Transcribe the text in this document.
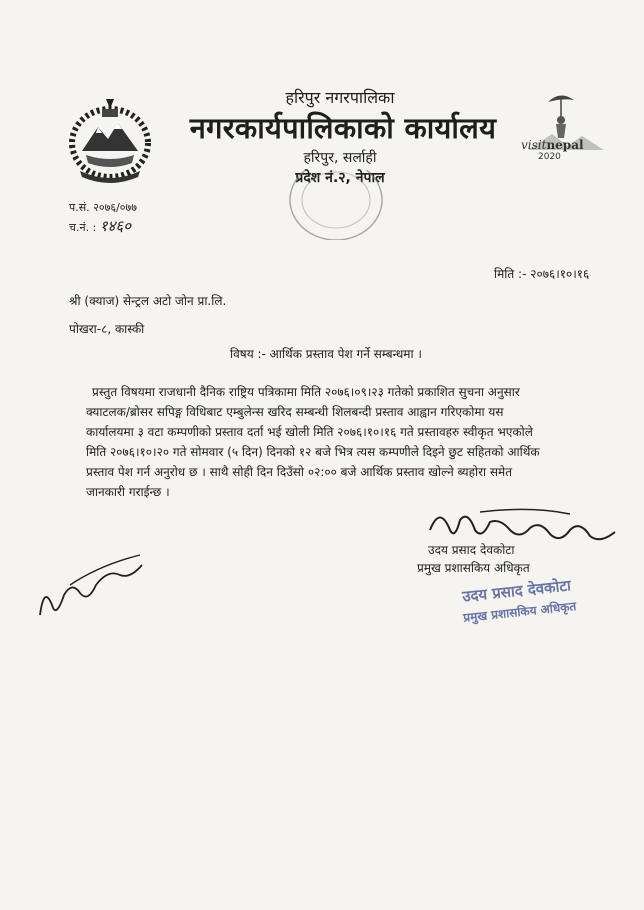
हरिपुर नगरपालिका
नगरकार्यपालिकाको कार्यालय
हरिपुर, सर्लाही
प्रदेश नं.२, नेपाल
visitnepal
2020
प.सं. २०७६/०७७
च.नं. : १४६०
मिति :- २०७६।१०।१६
श्री (क्याज) सेन्ट्रल अटो जोन प्रा.लि.
पोखरा-८, कास्की
विषय :- आर्थिक प्रस्ताव पेश गर्ने सम्बन्धमा ।
प्रस्तुत विषयमा राजधानी दैनिक राष्ट्रिय पत्रिकामा मिति २०७६।०९।२३ गतेको प्रकाशित सुचना अनुसार
क्याटलक/ब्रोसर सपिङ्ग विधिबाट एम्बुलेन्स खरिद सम्बन्धी शिलबन्दी प्रस्ताव आह्वान गरिएकोमा यस
कार्यालयमा ३ वटा कम्पणीको प्रस्ताव दर्ता भई खोली मिति २०७६।१०।१६ गते प्रस्तावहरु स्वीकृत भएकोले
मिति २०७६।१०।२० गते सोमवार (५ दिन) दिनको १२ बजे भित्र त्यस कम्पणीले दिइने छुट सहितको आर्थिक
प्रस्ताव पेश गर्न अनुरोध छ । साथै सोही दिन दिउँसो ०२:०० बजे आर्थिक प्रस्ताव खोल्ने ब्यहोरा समेत
जानकारी गराईन्छ ।
उदय प्रसाद देवकोटा
प्रमुख प्रशासकिय अधिकृत
उदय प्रसाद देवकोटा
प्रमुख प्रशासकिय अधिकृत
